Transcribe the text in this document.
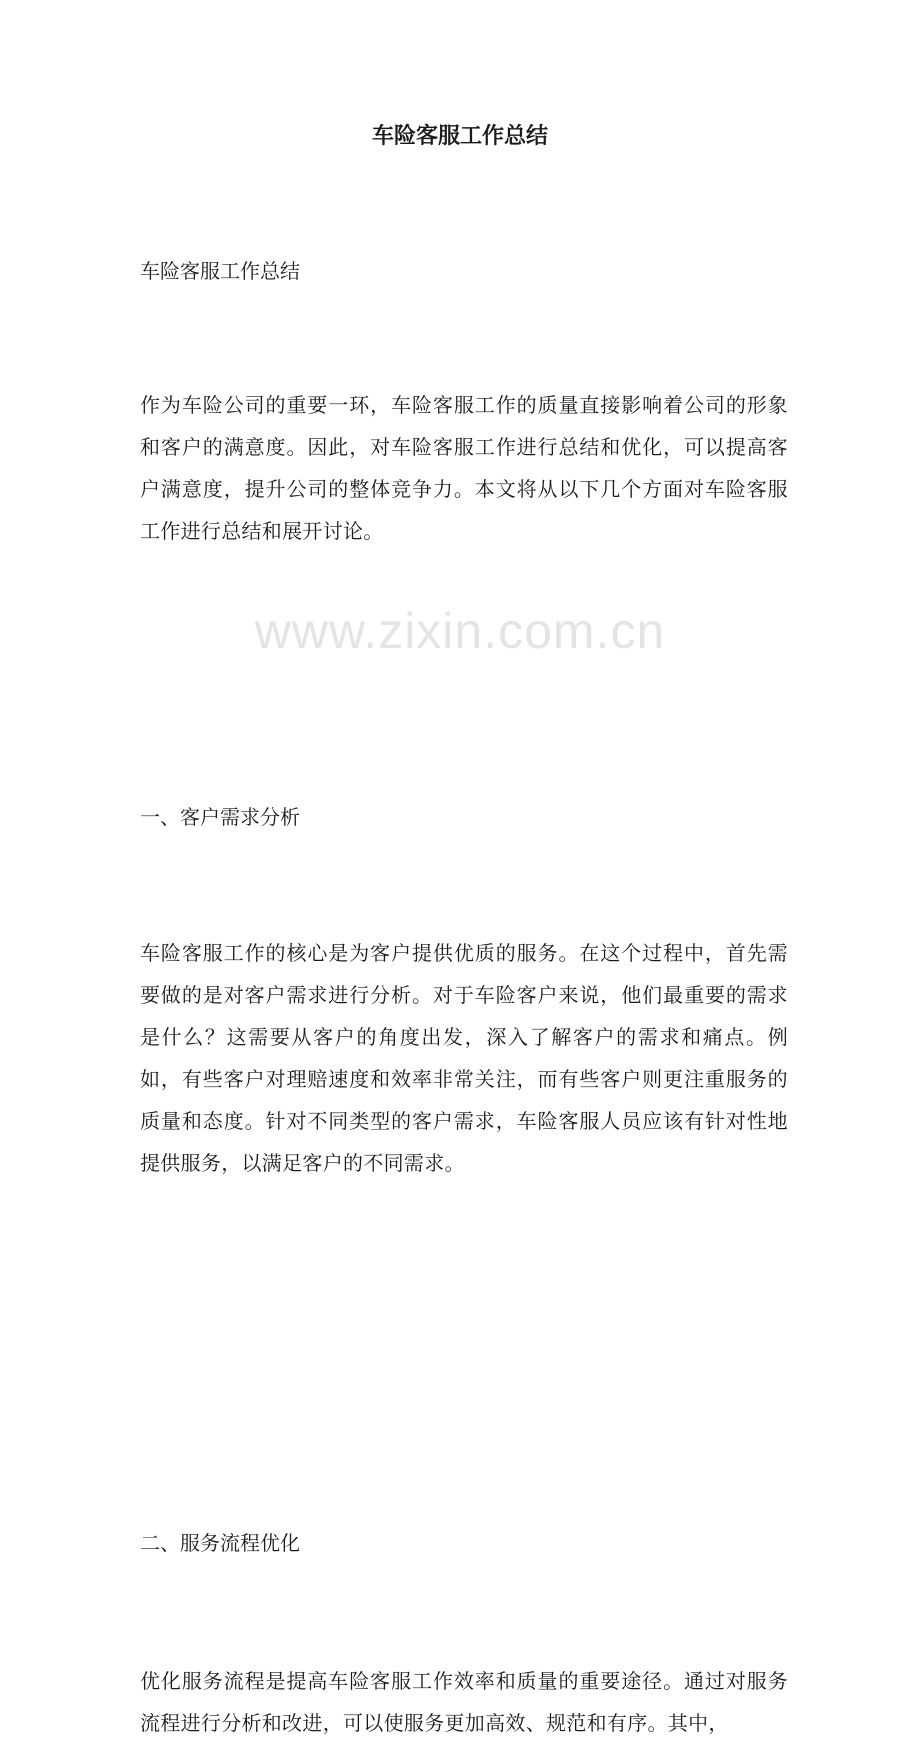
www.zixin.com.cn
车险客服工作总结

车险客服工作总结

作为车险公司的重要一环，车险客服工作的质量直接影响着公司的形象和客户的满意度。因此，对车险客服工作进行总结和优化，可以提高客户满意度，提升公司的整体竞争力。本文将从以下几个方面对车险客服工作进行总结和展开讨论。

一、客户需求分析

车险客服工作的核心是为客户提供优质的服务。在这个过程中，首先需要做的是对客户需求进行分析。对于车险客户来说，他们最重要的需求是什么？这需要从客户的角度出发，深入了解客户的需求和痛点。例如，有些客户对理赔速度和效率非常关注，而有些客户则更注重服务的质量和态度。针对不同类型的客户需求，车险客服人员应该有针对性地提供服务，以满足客户的不同需求。

二、服务流程优化

优化服务流程是提高车险客服工作效率和质量的重要途径。通过对服务流程进行分析和改进，可以使服务更加高效、规范和有序。其中，
